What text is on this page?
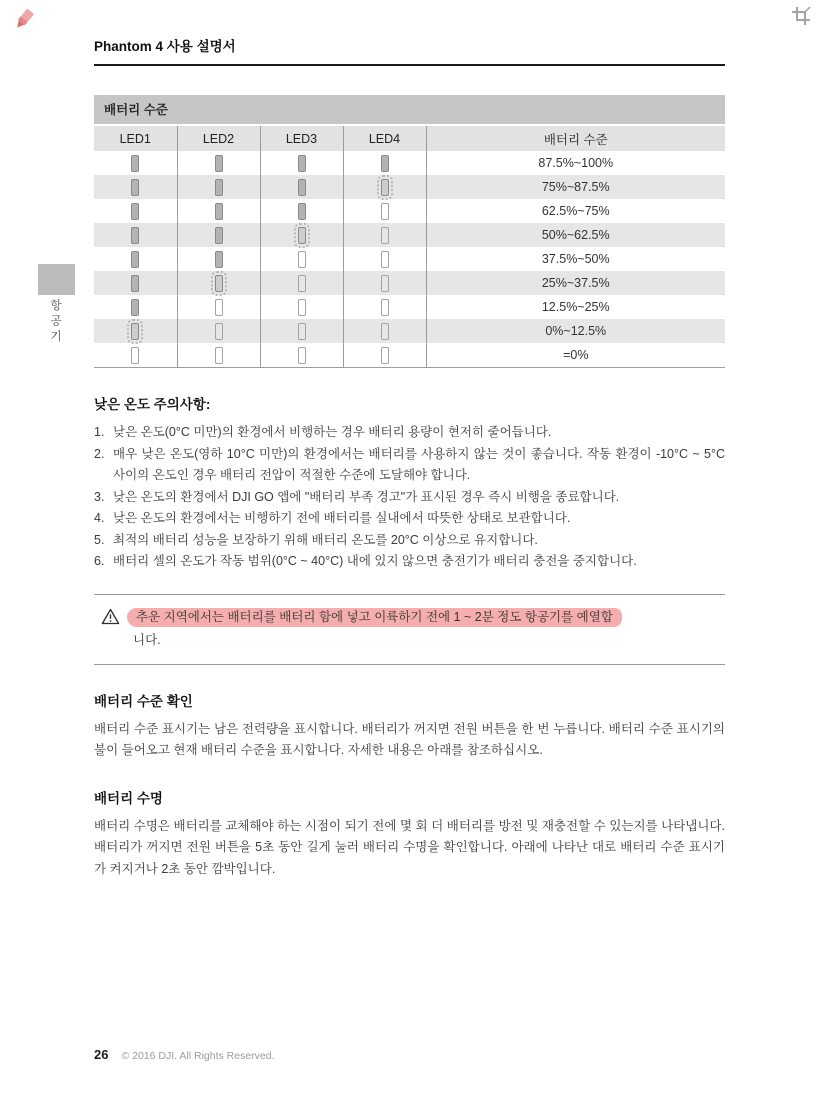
항공기
Phantom 4 사용 설명서
배터리 수준				
LED1	LED2	LED3	LED4	배터리 수준
				87.5%~100%
				75%~87.5%
				62.5%~75%
				50%~62.5%
				37.5%~50%
				25%~37.5%
				12.5%~25%
				0%~12.5%
				=0%
낮은 온도 주의사항:
낮은 온도(0°C 미만)의 환경에서 비행하는 경우 배터리 용량이 현저히 줄어듭니다.
매우 낮은 온도(영하 10°C 미만)의 환경에서는 배터리를 사용하지 않는 것이 좋습니다. 작동 환경이 -10°C ~ 5°C 사이의 온도인 경우 배터리 전압이 적절한 수준에 도달해야 합니다.
낮은 온도의 환경에서 DJI GO 앱에 "배터리 부족 경고"가 표시된 경우 즉시 비행을 종료합니다.
낮은 온도의 환경에서는 비행하기 전에 배터리를 실내에서 따뜻한 상태로 보관합니다.
최적의 배터리 성능을 보장하기 위해 배터리 온도를 20°C 이상으로 유지합니다.
배터리 셀의 온도가 작동 범위(0°C ~ 40°C) 내에 있지 않으면 충전기가 배터리 충전을 중지합니다.
추운 지역에서는 배터리를 배터리 함에 넣고 이륙하기 전에 1 ~ 2분 정도 항공기를 예열합
니다.
배터리 수준 확인

배터리 수준 표시기는 남은 전력량을 표시합니다. 배터리가 꺼지면 전원 버튼을 한 번 누릅니다. 배터리 수준 표시기의 불이 들어오고 현재 배터리 수준을 표시합니다. 자세한 내용은 아래를 참조하십시오.

배터리 수명

배터리 수명은 배터리를 교체해야 하는 시점이 되기 전에 몇 회 더 배터리를 방전 및 재충전할 수 있는지를 나타냅니다. 배터리가 꺼지면 전원 버튼을 5초 동안 길게 눌러 배터리 수명을 확인합니다. 아래에 나타난 대로 배터리 수준 표시기가 켜지거나 2초 동안 깜박입니다.

26 © 2016 DJI. All Rights Reserved.
